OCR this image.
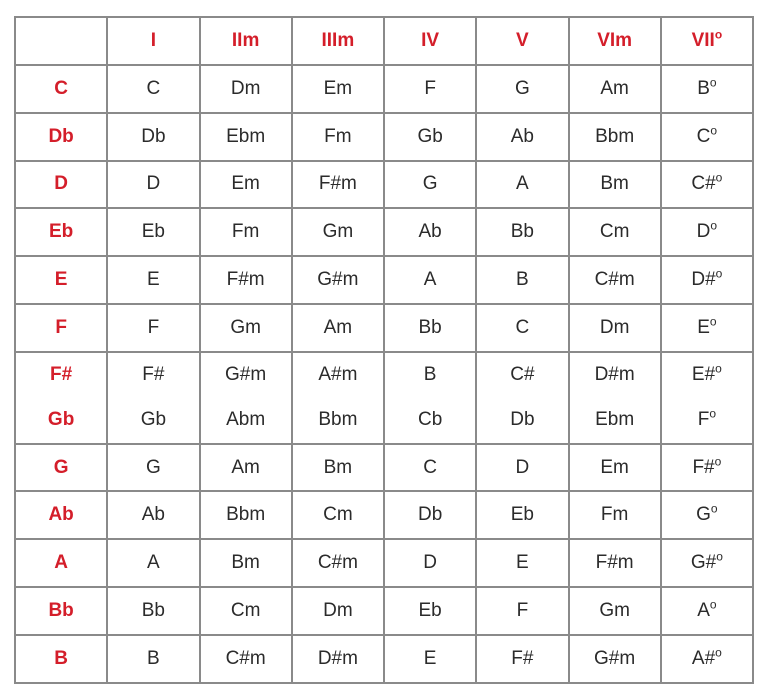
	I	IIm	IIIm	IV	V	VIm	VII$^o$
C	C	Dm	Em	F	G	Am	$B^o$
Db	Db	Ebm	Fm	Gb	Ab	Bbm	$C^o$
D	D	Em	F#m	G	A	Bm	C#$^o$
Eb	Eb	Fm	Gm	Ab	Bb	Cm	$D^o$
E	E	F#m	G#m	A	B	C#m	D#$^o$
F	F	Gm	Am	Bb	C	Dm	$E^o$
F#	F#	G#m	A#m	B	C#	D#m	E#$^o$
Gb	Gb	Abm	Bbm	Cb	Db	Ebm	$F^o$
G	G	Am	Bm	C	D	Em	F#$^o$
Ab	Ab	Bbm	Cm	Db	Eb	Fm	$G^o$
A	A	Bm	C#m	D	E	F#m	G#$^o$
Bb	Bb	Cm	Dm	Eb	F	Gm	$A^o$
B	B	C#m	D#m	E	F#	G#m	A#$^o$
